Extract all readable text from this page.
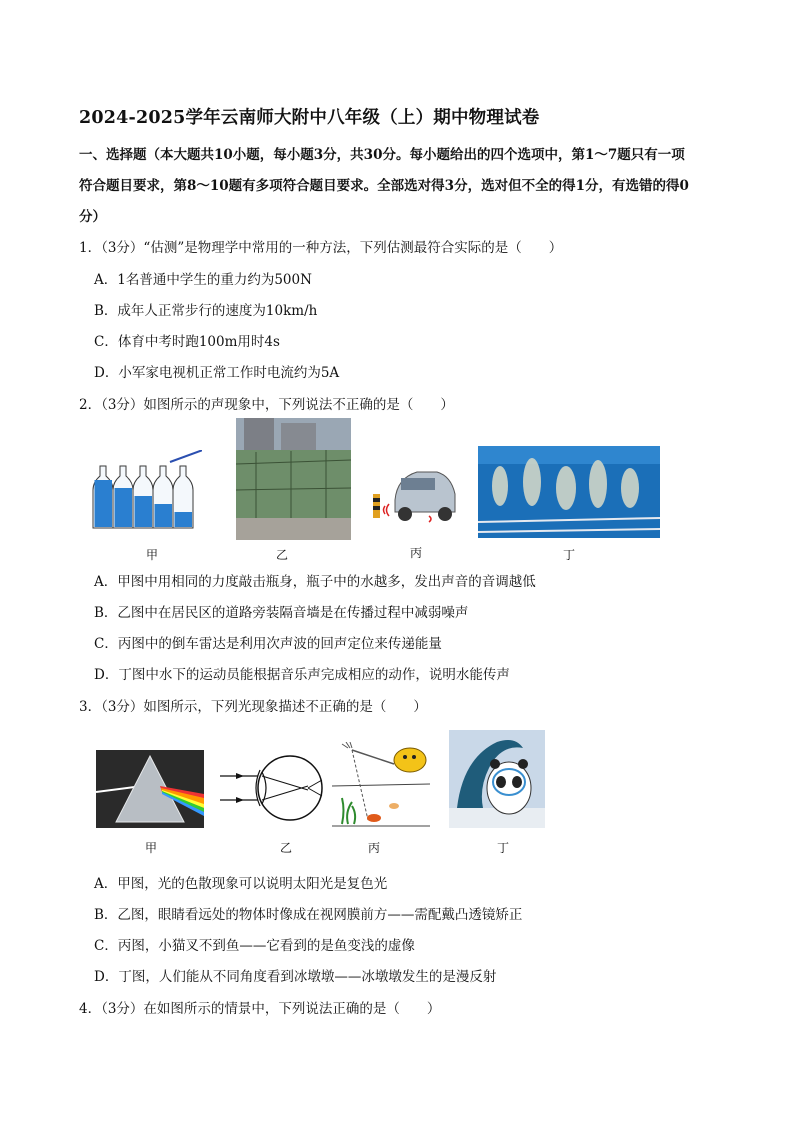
2024-2025学年云南师大附中八年级（上）期中物理试卷
一、选择题（本大题共10小题，每小题3分，共30分。每小题给出的四个选项中，第1～7题只有一项
符合题目要求，第8～10题有多项符合题目要求。全部选对得3分，选对但不全的得1分，有选错的得0
分）
1．（3分）“估测”是物理学中常用的一种方法，下列估测最符合实际的是（　　）
A．1名普通中学生的重力约为500N
B．成年人正常步行的速度为10km/h
C．体育中考时跑100m用时4s
D．小军家电视机正常工作时电流约为5A
2．（3分）如图所示的声现象中，下列说法不正确的是（　　）
甲	乙	丙	丁
A．甲图中用相同的力度敲击瓶身，瓶子中的水越多，发出声音的音调越低
B．乙图中在居民区的道路旁装隔音墙是在传播过程中减弱噪声
C．丙图中的倒车雷达是利用次声波的回声定位来传递能量
D．丁图中水下的运动员能根据音乐声完成相应的动作，说明水能传声
3．（3分）如图所示，下列光现象描述不正确的是（　　）
甲	乙	丙	丁
A．甲图，光的色散现象可以说明太阳光是复色光
B．乙图，眼睛看远处的物体时像成在视网膜前方——需配戴凸透镜矫正
C．丙图，小猫叉不到鱼——它看到的是鱼变浅的虚像
D．丁图，人们能从不同角度看到冰墩墩——冰墩墩发生的是漫反射
4．（3分）在如图所示的情景中，下列说法正确的是（　　）
